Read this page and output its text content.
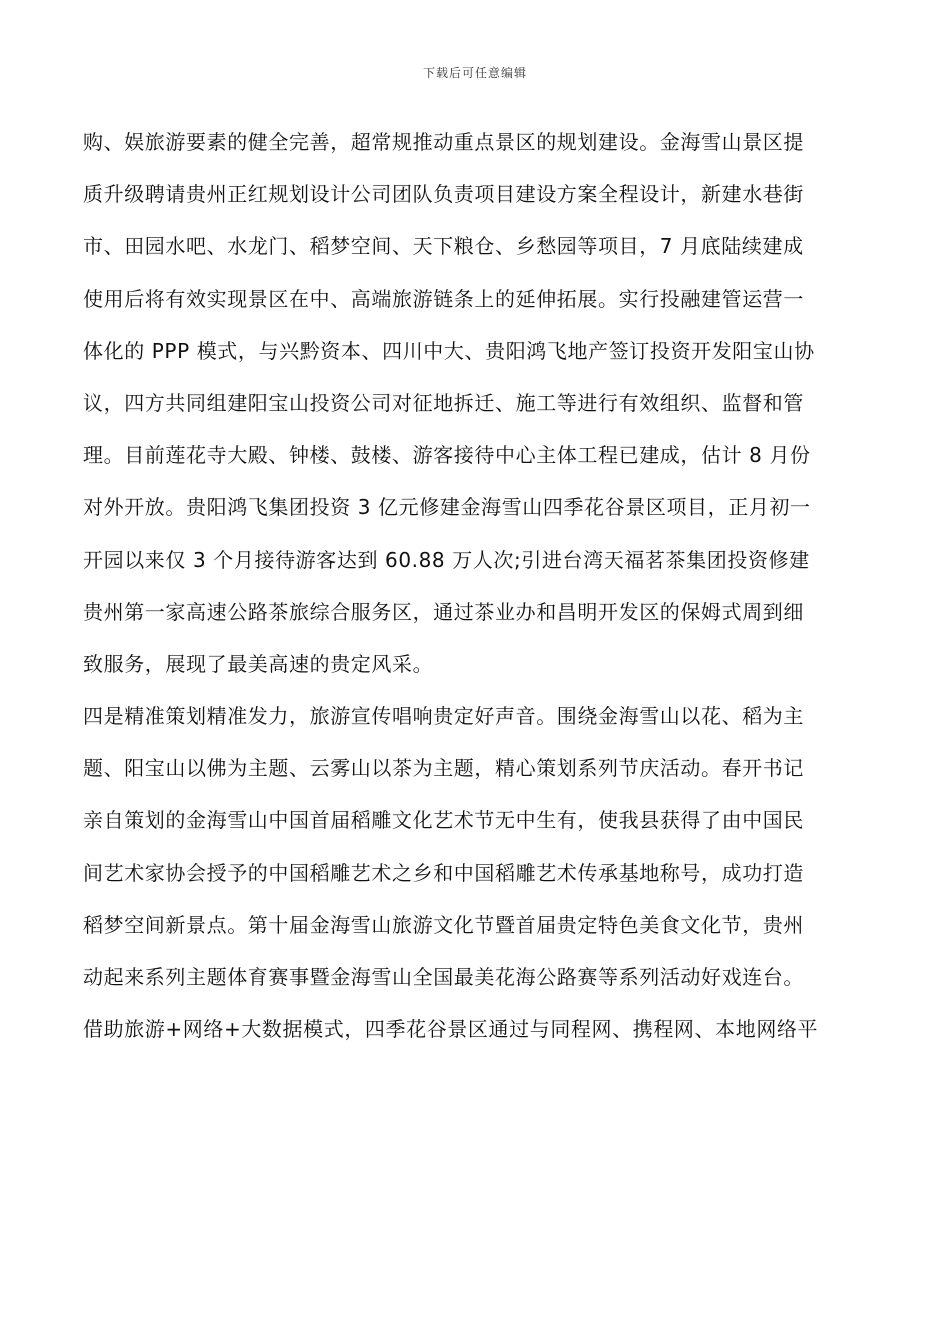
下载后可任意编辑
购、娱旅游要素的健全完善，超常规推动重点景区的规划建设。金海雪山景区提
质升级聘请贵州正红规划设计公司团队负责项目建设方案全程设计，新建水巷街
市、田园水吧、水龙门、稻梦空间、天下粮仓、乡愁园等项目，7 月底陆续建成
使用后将有效实现景区在中、高端旅游链条上的延伸拓展。实行投融建管运营一
体化的 PPP 模式，与兴黔资本、四川中大、贵阳鸿飞地产签订投资开发阳宝山协
议，四方共同组建阳宝山投资公司对征地拆迁、施工等进行有效组织、监督和管
理。目前莲花寺大殿、钟楼、鼓楼、游客接待中心主体工程已建成，估计 8 月份
对外开放。贵阳鸿飞集团投资 3 亿元修建金海雪山四季花谷景区项目，正月初一
开园以来仅 3 个月接待游客达到 60.88 万人次;引进台湾天福茗茶集团投资修建
贵州第一家高速公路茶旅综合服务区，通过茶业办和昌明开发区的保姆式周到细
致服务，展现了最美高速的贵定风采。
四是精准策划精准发力，旅游宣传唱响贵定好声音。围绕金海雪山以花、稻为主
题、阳宝山以佛为主题、云雾山以茶为主题，精心策划系列节庆活动。春开书记
亲自策划的金海雪山中国首届稻雕文化艺术节无中生有，使我县获得了由中国民
间艺术家协会授予的中国稻雕艺术之乡和中国稻雕艺术传承基地称号，成功打造
稻梦空间新景点。第十届金海雪山旅游文化节暨首届贵定特色美食文化节，贵州
动起来系列主题体育赛事暨金海雪山全国最美花海公路赛等系列活动好戏连台。
借助旅游+网络+大数据模式，四季花谷景区通过与同程网、携程网、本地网络平
